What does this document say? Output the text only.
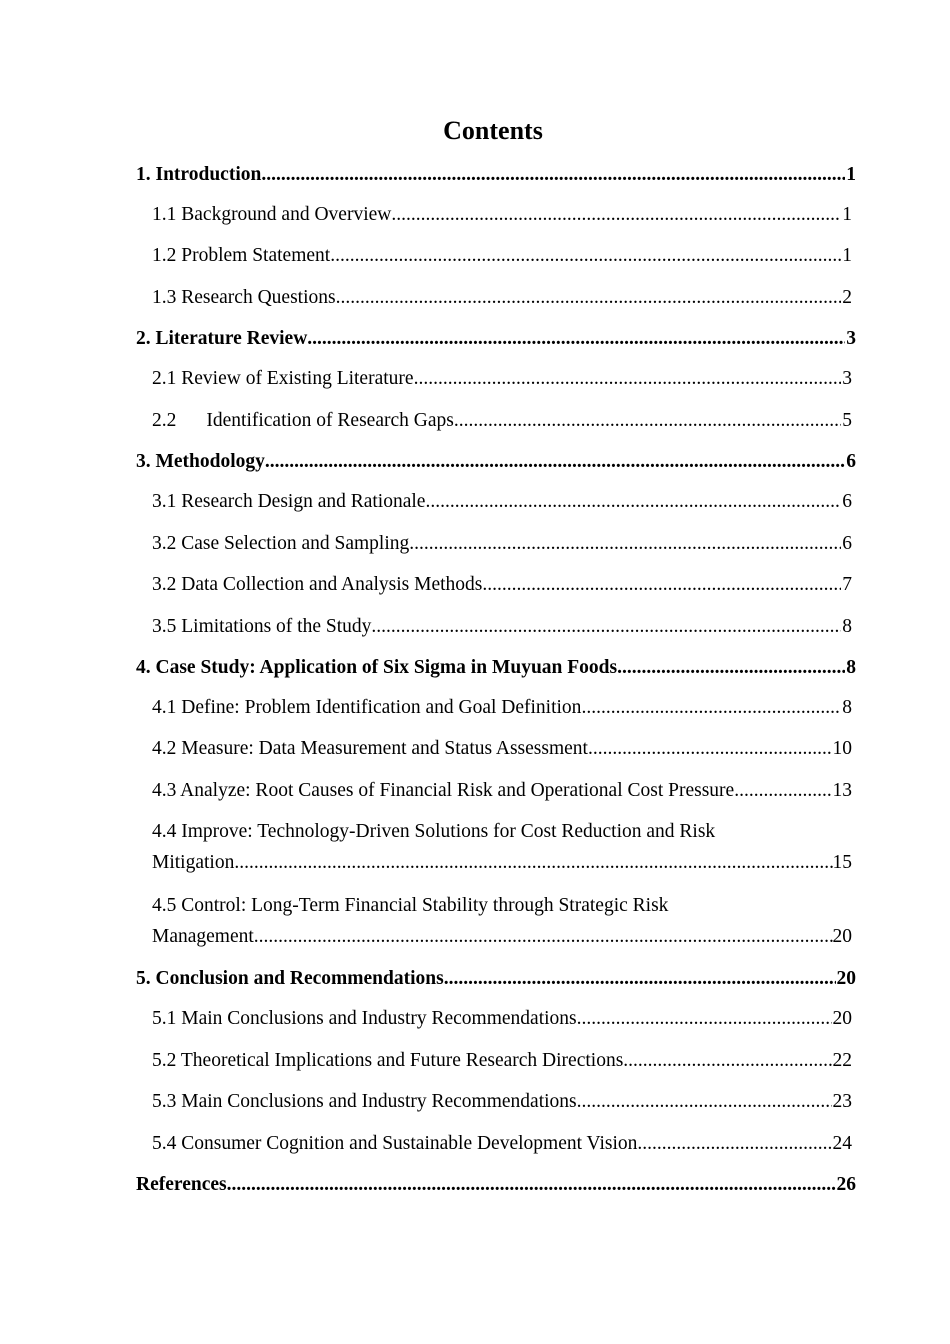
Contents
1. Introduction .....	1
1.1 Background and Overview .....	1
1.2 Problem Statement .....	1
1.3 Research Questions .....	2
2. Literature Review .....	3
2.1 Review of Existing Literature .....	3
2.2 Identification of Research Gaps .....	5
3. Methodology .....	6
3.1 Research Design and Rationale .....	6
3.2 Case Selection and Sampling .....	6
3.2 Data Collection and Analysis Methods .....	7
3.5 Limitations of the Study .....	8
4. Case Study: Application of Six Sigma in Muyuan Foods .....	8
4.1 Define: Problem Identification and Goal Definition .....	8
4.2 Measure: Data Measurement and Status Assessment .....	10
4.3 Analyze: Root Causes of Financial Risk and Operational Cost Pressure .....	13
4.4 Improve: Technology-Driven Solutions for Cost Reduction and Risk
Mitigation .....	15
4.5 Control: Long-Term Financial Stability through Strategic Risk
Management .....	20
5. Conclusion and Recommendations .....	20
5.1 Main Conclusions and Industry Recommendations .....	20
5.2 Theoretical Implications and Future Research Directions .....	22
5.3 Main Conclusions and Industry Recommendations .....	23
5.4 Consumer Cognition and Sustainable Development Vision .....	24
References .....	26
